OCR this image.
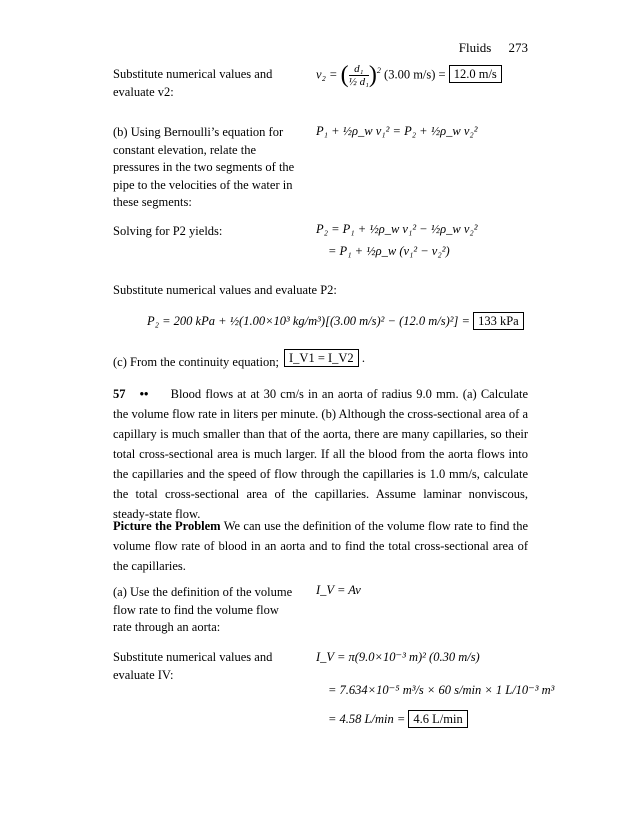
Fluids 273
Substitute numerical values and evaluate v2:
v₂ = ( $\frac{\text{d₁}}{\text{½ d₁}} )^2$ (3.00 m/s) = 12.0 m/s
(b) Using Bernoulli’s equation for constant elevation, relate the pressures in the two segments of the pipe to the velocities of the water in these segments:
P₁ + ½ρ_w v₁² = P₂ + ½ρ_w v₂²
Solving for P2 yields:	P₂ = P₁ + ½ρ_w v₁² − ½ρ_w v₂²
= P₁ + ½ρ_w (v₁² − v₂²)
Substitute numerical values and evaluate P2:
P₂ = 200 kPa + ½(1.00×10³ kg/m³)[(3.00 m/s)² − (12.0 m/s)²] = 133 kPa
(c) From the continuity equation; I_V1 = I_V2 .
57 •• Blood flows at at 30 cm/s in an aorta of radius 9.0 mm. (a) Calculate the volume flow rate in liters per minute. (b) Although the cross-sectional area of a capillary is much smaller than that of the aorta, there are many capillaries, so their total cross-sectional area is much larger. If all the blood from the aorta flows into the capillaries and the speed of flow through the capillaries is 1.0 mm/s, calculate the total cross-sectional area of the capillaries. Assume laminar nonviscous, steady-state flow.
Picture the Problem We can use the definition of the volume flow rate to find the volume flow rate of blood in an aorta and to find the total cross-sectional area of the capillaries.
(a) Use the definition of the volume flow rate to find the volume flow rate through an aorta:
I_V = Av
Substitute numerical values and evaluate IV:
I_V = π(9.0×10⁻³ m)² (0.30 m/s)
= 7.634×10⁻⁵ m³/s × 60 s/min × 1 L/10⁻³ m³
= 4.58 L/min = 4.6 L/min
